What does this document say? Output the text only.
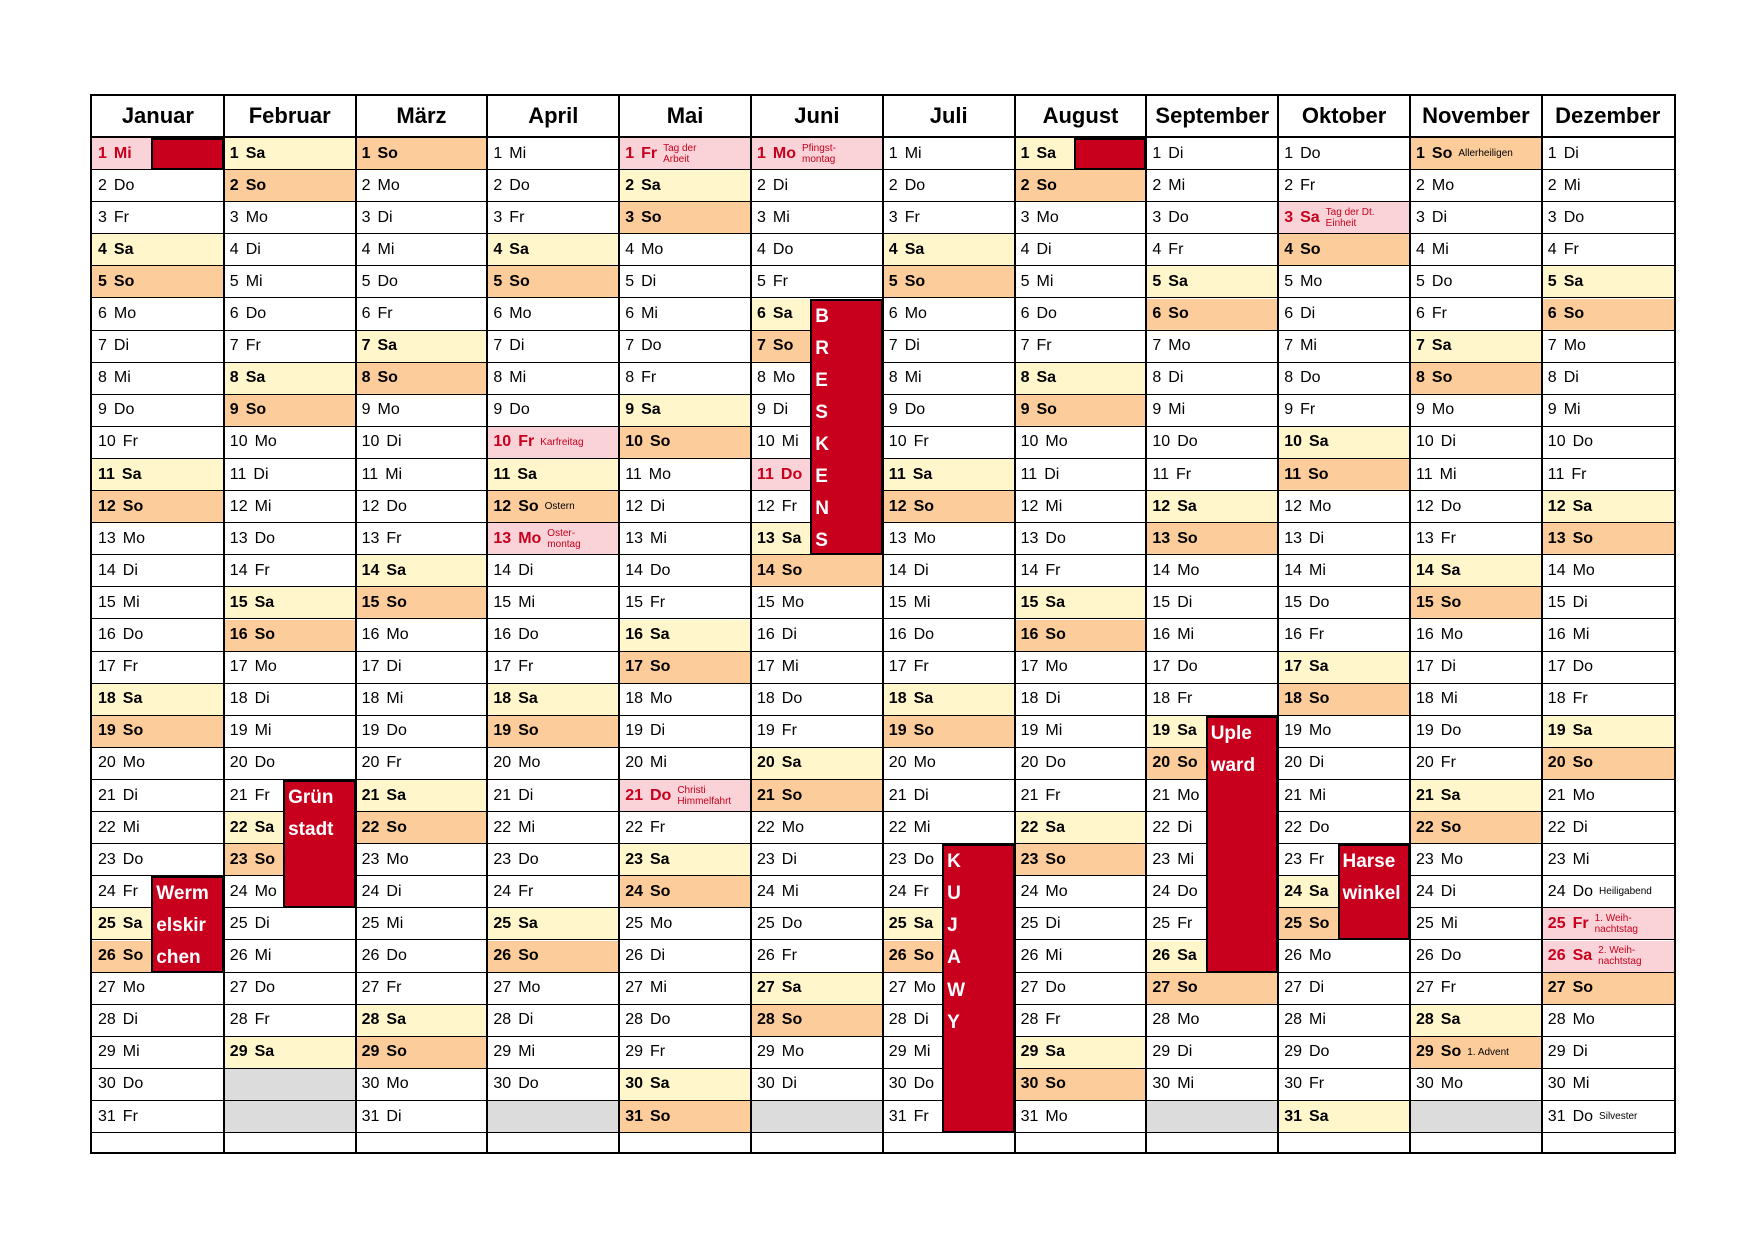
Januar
1 Mi
2 Do
3 Fr
4 Sa
5 So
6 Mo
7 Di
8 Mi
9 Do
10 Fr
11 Sa
12 So
13 Mo
14 Di
15 Mi
16 Do
17 Fr
18 Sa
19 So
20 Mo
21 Di
22 Mi
23 Do
24 Fr
25 Sa
26 So
27 Mo
28 Di
29 Mi
30 Do
31 Fr
Februar
1 Sa
2 So
3 Mo
4 Di
5 Mi
6 Do
7 Fr
8 Sa
9 So
10 Mo
11 Di
12 Mi
13 Do
14 Fr
15 Sa
16 So
17 Mo
18 Di
19 Mi
20 Do
21 Fr
22 Sa
23 So
24 Mo
25 Di
26 Mi
27 Do
28 Fr
29 Sa
März
1 So
2 Mo
3 Di
4 Mi
5 Do
6 Fr
7 Sa
8 So
9 Mo
10 Di
11 Mi
12 Do
13 Fr
14 Sa
15 So
16 Mo
17 Di
18 Mi
19 Do
20 Fr
21 Sa
22 So
23 Mo
24 Di
25 Mi
26 Do
27 Fr
28 Sa
29 So
30 Mo
31 Di
April
1 Mi
2 Do
3 Fr
4 Sa
5 So
6 Mo
7 Di
8 Mi
9 Do
10 Fr Karfreitag
11 Sa
12 So Ostern
13 Mo Oster- montag
14 Di
15 Mi
16 Do
17 Fr
18 Sa
19 So
20 Mo
21 Di
22 Mi
23 Do
24 Fr
25 Sa
26 So
27 Mo
28 Di
29 Mi
30 Do
Mai
1 Fr Tag der Arbeit
2 Sa
3 So
4 Mo
5 Di
6 Mi
7 Do
8 Fr
9 Sa
10 So
11 Mo
12 Di
13 Mi
14 Do
15 Fr
16 Sa
17 So
18 Mo
19 Di
20 Mi
21 Do Christi Himmelfahrt
22 Fr
23 Sa
24 So
25 Mo
26 Di
27 Mi
28 Do
29 Fr
30 Sa
31 So
Juni
1 Mo Pfingst- montag
2 Di
3 Mi
4 Do
5 Fr
6 Sa
7 So
8 Mo
9 Di
10 Mi
11 Do
12 Fr
13 Sa
14 So
15 Mo
16 Di
17 Mi
18 Do
19 Fr
20 Sa
21 So
22 Mo
23 Di
24 Mi
25 Do
26 Fr
27 Sa
28 So
29 Mo
30 Di
Juli
1 Mi
2 Do
3 Fr
4 Sa
5 So
6 Mo
7 Di
8 Mi
9 Do
10 Fr
11 Sa
12 So
13 Mo
14 Di
15 Mi
16 Do
17 Fr
18 Sa
19 So
20 Mo
21 Di
22 Mi
23 Do
24 Fr
25 Sa
26 So
27 Mo
28 Di
29 Mi
30 Do
31 Fr
August
1 Sa
2 So
3 Mo
4 Di
5 Mi
6 Do
7 Fr
8 Sa
9 So
10 Mo
11 Di
12 Mi
13 Do
14 Fr
15 Sa
16 So
17 Mo
18 Di
19 Mi
20 Do
21 Fr
22 Sa
23 So
24 Mo
25 Di
26 Mi
27 Do
28 Fr
29 Sa
30 So
31 Mo
September
1 Di
2 Mi
3 Do
4 Fr
5 Sa
6 So
7 Mo
8 Di
9 Mi
10 Do
11 Fr
12 Sa
13 So
14 Mo
15 Di
16 Mi
17 Do
18 Fr
19 Sa
20 So
21 Mo
22 Di
23 Mi
24 Do
25 Fr
26 Sa
27 So
28 Mo
29 Di
30 Mi
Oktober
1 Do
2 Fr
3 Sa Tag der Dt. Einheit
4 So
5 Mo
6 Di
7 Mi
8 Do
9 Fr
10 Sa
11 So
12 Mo
13 Di
14 Mi
15 Do
16 Fr
17 Sa
18 So
19 Mo
20 Di
21 Mi
22 Do
23 Fr
24 Sa
25 So
26 Mo
27 Di
28 Mi
29 Do
30 Fr
31 Sa
November
1 So Allerheiligen
2 Mo
3 Di
4 Mi
5 Do
6 Fr
7 Sa
8 So
9 Mo
10 Di
11 Mi
12 Do
13 Fr
14 Sa
15 So
16 Mo
17 Di
18 Mi
19 Do
20 Fr
21 Sa
22 So
23 Mo
24 Di
25 Mi
26 Do
27 Fr
28 Sa
29 So 1. Advent
30 Mo
Dezember
1 Di
2 Mi
3 Do
4 Fr
5 Sa
6 So
7 Mo
8 Di
9 Mi
10 Do
11 Fr
12 Sa
13 So
14 Mo
15 Di
16 Mi
17 Do
18 Fr
19 Sa
20 So
21 Mo
22 Di
23 Mi
24 Do Heiligabend
25 Fr 1. Weih- nachtstag
26 Sa 2. Weih- nachtstag
27 So
28 Mo
29 Di
30 Mi
31 Do Silvester
Werm
elskir
chen
Grün
stadt
B
R
E
S
K
E
N
S
K
U
J
A
W
Y
Uple
ward
Harse
winkel
